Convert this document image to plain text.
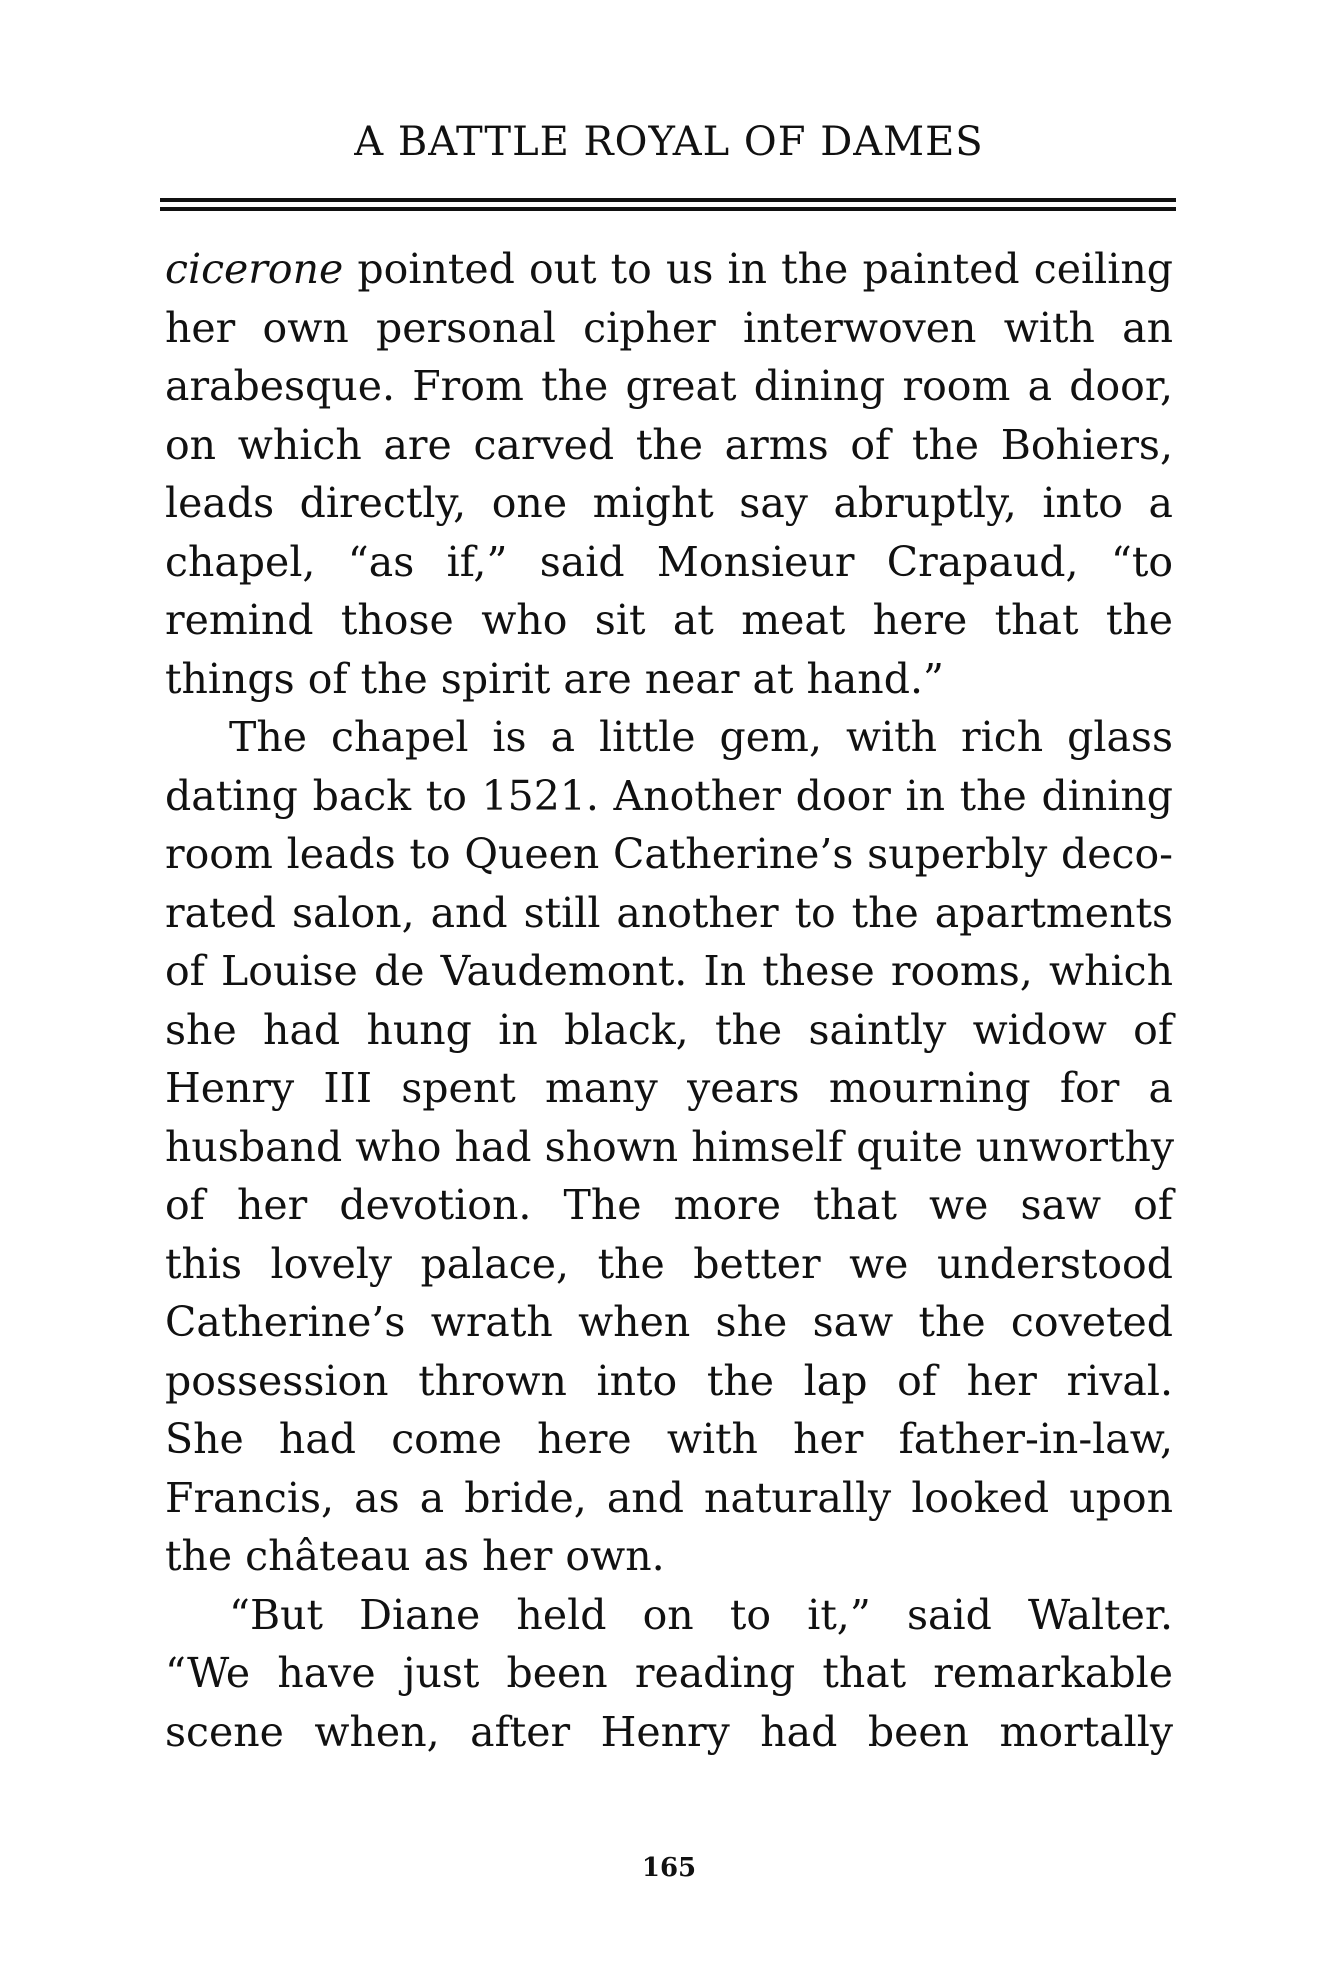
A BATTLE ROYAL OF DAMES
cicerone pointed out to us in the painted ceiling
her own personal cipher interwoven with an
arabesque. From the great dining room a door,
on which are carved the arms of the Bohiers,
leads directly, one might say abruptly, into a
chapel, “as if,” said Monsieur Crapaud, “to
remind those who sit at meat here that the
things of the spirit are near at hand.”
The chapel is a little gem, with rich glass
dating back to 1521. Another door in the dining
room leads to Queen Catherine’s superbly deco-
rated salon, and still another to the apartments
of Louise de Vaudemont. In these rooms, which
she had hung in black, the saintly widow of
Henry III spent many years mourning for a
husband who had shown himself quite unworthy
of her devotion. The more that we saw of
this lovely palace, the better we understood
Catherine’s wrath when she saw the coveted
possession thrown into the lap of her rival.
She had come here with her father-in-law,
Francis, as a bride, and naturally looked upon
the château as her own.
“But Diane held on to it,” said Walter.
“We have just been reading that remarkable
scene when, after Henry had been mortally
165
